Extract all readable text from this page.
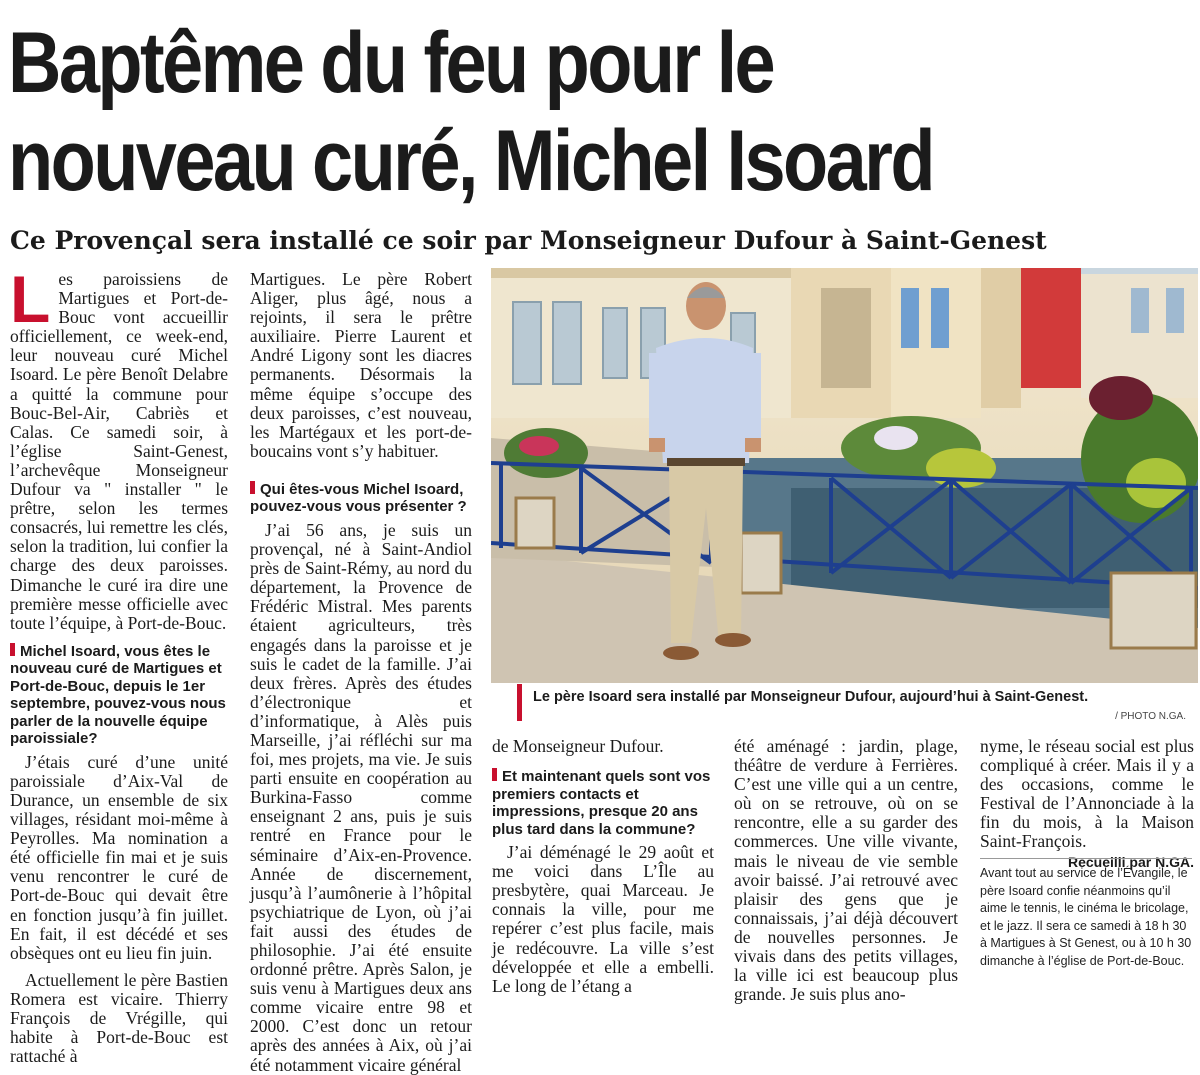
Baptême du feu pour le
nouveau curé, Michel Isoard
Ce Provençal sera installé ce soir par Monseigneur Dufour à Saint-Genest

L es paroissiens de Martigues et Port-de-Bouc vont accueillir officiellement, ce week-end, leur nouveau curé Michel Isoard. Le père Benoît Delabre a quitté la commune pour Bouc-Bel-Air, Cabriès et Calas. Ce samedi soir, à l’église Saint-Genest, l’archevêque Monseigneur Dufour va " installer " le prêtre, selon les termes consacrés, lui remettre les clés, selon la tradition, lui confier la charge des deux paroisses. Dimanche le curé ira dire une première messe officielle avec toute l’équipe, à Port-de-Bouc.

Michel Isoard, vous êtes le nouveau curé de Martigues et Port-de-Bouc, depuis le 1er septembre, pouvez-vous nous parler de la nouvelle équipe paroissiale?

J’étais curé d’une unité paroissiale d’Aix-Val de Durance, un ensemble de six villages, résidant moi-même à Peyrolles. Ma nomination a été officielle fin mai et je suis venu rencontrer le curé de Port-de-Bouc qui devait être en fonction jusqu’à fin juillet. En fait, il est décédé et ses obsèques ont eu lieu fin juin.

Actuellement le père Bastien Romera est vicaire. Thierry François de Vrégille, qui habite à Port-de-Bouc est rattaché à

Martigues. Le père Robert Aliger, plus âgé, nous a rejoints, il sera le prêtre auxiliaire. Pierre Laurent et André Ligony sont les diacres permanents. Désormais la même équipe s’occupe des deux paroisses, c’est nouveau, les Martégaux et les port-de-boucains vont s’y habituer.

Qui êtes-vous Michel Isoard, pouvez-vous vous présenter ?

J’ai 56 ans, je suis un provençal, né à Saint-Andiol près de Saint-Rémy, au nord du département, la Provence de Frédéric Mistral. Mes parents étaient agriculteurs, très engagés dans la paroisse et je suis le cadet de la famille. J’ai deux frères. Après des études d’électronique et d’informatique, à Alès puis Marseille, j’ai réfléchi sur ma foi, mes projets, ma vie. Je suis parti ensuite en coopération au Burkina-Fasso comme enseignant 2 ans, puis je suis rentré en France pour le séminaire d’Aix-en-Provence. Année de discernement, jusqu’à l’aumônerie à l’hôpital psychiatrique de Lyon, où j’ai fait aussi des études de philosophie. J’ai été ensuite ordonné prêtre. Après Salon, je suis venu à Martigues deux ans comme vicaire entre 98 et 2000. C’est donc un retour après des années à Aix, où j’ai été notamment vicaire général

Le père Isoard sera installé par Monseigneur Dufour, aujourd’hui à Saint-Genest.
/ PHOTO N.GA.

de Monseigneur Dufour.

Et maintenant quels sont vos premiers contacts et impressions, presque 20 ans plus tard dans la commune?

J’ai déménagé le 29 août et me voici dans L’Île au presbytère, quai Marceau. Je connais la ville, pour me repérer c’est plus facile, mais je redécouvre. La ville s’est développée et elle a embelli. Le long de l’étang a

été aménagé : jardin, plage, théâtre de verdure à Ferrières. C’est une ville qui a un centre, où on se retrouve, où on se rencontre, elle a su garder des commerces. Une ville vivante, mais le niveau de vie semble avoir baissé. J’ai retrouvé avec plaisir des gens que je connaissais, j’ai déjà découvert de nouvelles personnes. Je vivais dans des petits villages, la ville ici est beaucoup plus grande. Je suis plus ano-

nyme, le réseau social est plus compliqué à créer. Mais il y a des occasions, comme le Festival de l’Annonciade à la fin du mois, à la Maison Saint-François.

Recueilli par N.GA.

Avant tout au service de l’Évangile, le père Isoard confie néanmoins qu’il aime le tennis, le cinéma le bricolage, et le jazz. Il sera ce samedi à 18 h 30 à Martigues à St Genest, ou à 10 h 30 dimanche à l’église de Port-de-Bouc.
